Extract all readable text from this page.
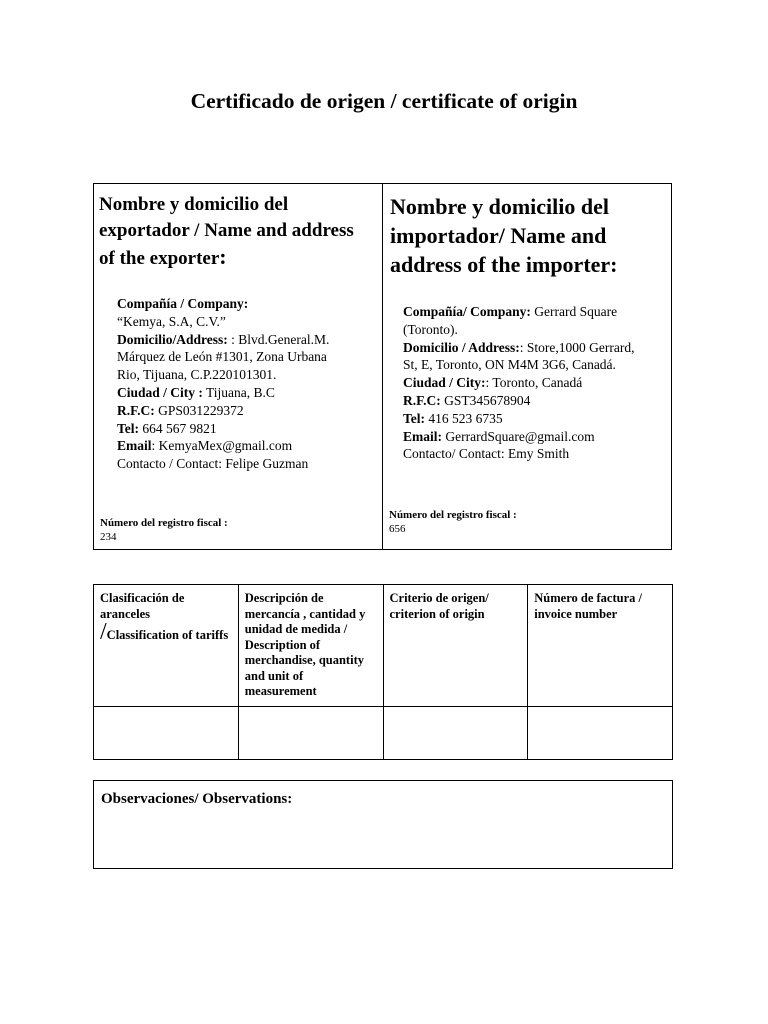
Certificado de origen / certificate of origin
Nombre y domicilio del exportador / Name and address of the exporter:
Compañía / Company:
“Kemya, S.A, C.V.”
Domicilio/Address: : Blvd.General.M. Márquez de León #1301, Zona Urbana Rio, Tijuana, C.P.220101301.
Ciudad / City : Tijuana, B.C
R.F.C: GPS031229372
Tel: 664 567 9821
Email: KemyaMex@gmail.com
Contacto / Contact: Felipe Guzman
Número del registro fiscal :
234
Nombre y domicilio del importador/ Name and address of the importer:
Compañía/ Company: Gerrard Square (Toronto).
Domicilio / Address:: Store,1000 Gerrard, St, E, Toronto, ON M4M 3G6, Canadá.
Ciudad / City:: Toronto, Canadá
R.F.C: GST345678904
Tel: 416 523 6735
Email: GerrardSquare@gmail.com
Contacto/ Contact: Emy Smith
Número del registro fiscal :
656
Clasificación de aranceles
/Classification of tariffs	Descripción de mercancía , cantidad y unidad de medida / Description of merchandise, quantity and unit of measurement	Criterio de origen/ criterion of origin	Número de factura / invoice number

Observaciones/ Observations:
